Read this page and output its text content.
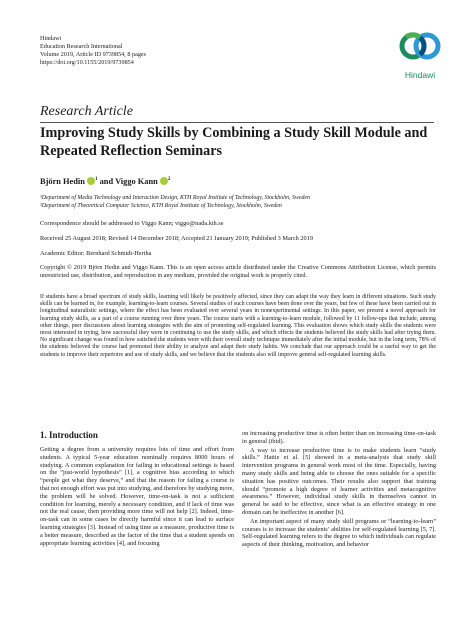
Hindawi
Education Research International
Volume 2019, Article ID 9739854, 8 pages
https://doi.org/10.1155/2019/9739854
Hindawi
Research Article
Improving Study Skills by Combining a Study Skill Module and Repeated Reflection Seminars
Björn Hedin $^1$ and Viggo Kann $^2$
¹Department of Media Technology and Interaction Design, KTH Royal Institute of Technology, Stockholm, Sweden
²Department of Theoretical Computer Science, KTH Royal Institute of Technology, Stockholm, Sweden
Correspondence should be addressed to Viggo Kann; viggo@nada.kth.se
Received 25 August 2018; Revised 14 December 2018; Accepted 21 January 2019; Published 3 March 2019
Academic Editor: Bernhard Schmidt-Hertha
Copyright © 2019 Björn Hedin and Viggo Kann. This is an open access article distributed under the Creative Commons Attribution License, which permits unrestricted use, distribution, and reproduction in any medium, provided the original work is properly cited.
If students have a broad spectrum of study skills, learning will likely be positively affected, since they can adapt the way they learn in different situations. Such study skills can be learned in, for example, learning-to-learn courses. Several studies of such courses have been done over the years, but few of these have been carried out in longitudinal naturalistic settings, where the effect has been evaluated over several years in nonexperimental settings. In this paper, we present a novel approach for learning study skills, as a part of a course running over three years. The course starts with a learning-to-learn module, followed by 11 follow-ups that include, among other things, peer discussions about learning strategies with the aim of promoting self-regulated learning. This evaluation shows which study skills the students were most interested in trying, how successful they were in continuing to use the study skills, and which effects the students believed the study skills had after trying them. No significant change was found in how satisfied the students were with their overall study technique immediately after the initial module, but in the long term, 78% of the students believed the course had promoted their ability to analyze and adapt their study habits. We conclude that our approach could be a useful way to get the students to improve their repertoire and use of study skills, and we believe that the students also will improve general self-regulated learning skills.
1. Introduction

Getting a degree from a university requires lots of time and effort from students. A typical 5-year education nominally requires 8000 hours of studying. A common explanation for failing in educational settings is based on the “just-world hypothesis” [1], a cognitive bias according to which “people get what they deserve,” and that the reason for failing a course is that not enough effort was put into studying, and therefore by studying more, the problem will be solved. However, time-on-task is not a sufficient condition for learning, merely a necessary condition, and if lack of time was not the real cause, then providing more time will not help [2]. Indeed, time-on-task can in some cases be directly harmful since it can lead to surface learning strategies [3]. Instead of using time as a measure, productive time is a better measure, described as the factor of the time that a student spends on appropriate learning activities [4], and focusing

on increasing productive time is often better than on increasing time-on-task in general (ibid).

A way to increase productive time is to make students learn “study skills.” Hattie et al. [5] showed in a meta-analysis that study skill intervention programs in general work most of the time. Especially, having many study skills and being able to choose the ones suitable for a specific situation has positive outcomes. Their results also support that training should “promote a high degree of learner activities and metacognitive awareness.” However, individual study skills in themselves cannot in general be said to be effective, since what is an effective strategy in one domain can be ineffective in another [6].

An important aspect of many study skill programs or “learning-to-learn” courses is to increase the students’ abilities for self-regulated learning [5, 7]. Self-regulated learning refers to the degree to which individuals can regulate aspects of their thinking, motivation, and behavior
